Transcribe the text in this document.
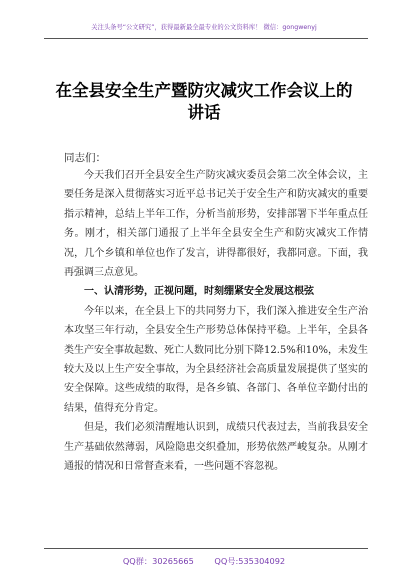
关注头条号“公文研究”，获得最新最全最专业的公文资料库！ 微信：gongwenyj
在全县安全生产暨防灾减灾工作会议上的讲话
同志们：

今天我们召开全县安全生产防灾减灾委员会第二次全体会议，主要任务是深入贯彻落实习近平总书记关于安全生产和防灾减灾的重要指示精神，总结上半年工作，分析当前形势，安排部署下半年重点任务。刚才，相关部门通报了上半年全县安全生产和防灾减灾工作情况，几个乡镇和单位也作了发言，讲得都很好，我都同意。下面，我再强调三点意见。

一、认清形势，正视问题，时刻绷紧安全发展这根弦

今年以来，在全县上下的共同努力下，我们深入推进安全生产治本攻坚三年行动，全县安全生产形势总体保持平稳。上半年，全县各类生产安全事故起数、死亡人数同比分别下降12.5%和10%，未发生较大及以上生产安全事故，为全县经济社会高质量发展提供了坚实的安全保障。这些成绩的取得，是各乡镇、各部门、各单位辛勤付出的结果，值得充分肯定。

但是，我们必须清醒地认识到，成绩只代表过去，当前我县安全生产基础依然薄弱，风险隐患交织叠加，形势依然严峻复杂。从刚才通报的情况和日常督查来看，一些问题不容忽视。

QQ群：30265665	QQ号:535304092
